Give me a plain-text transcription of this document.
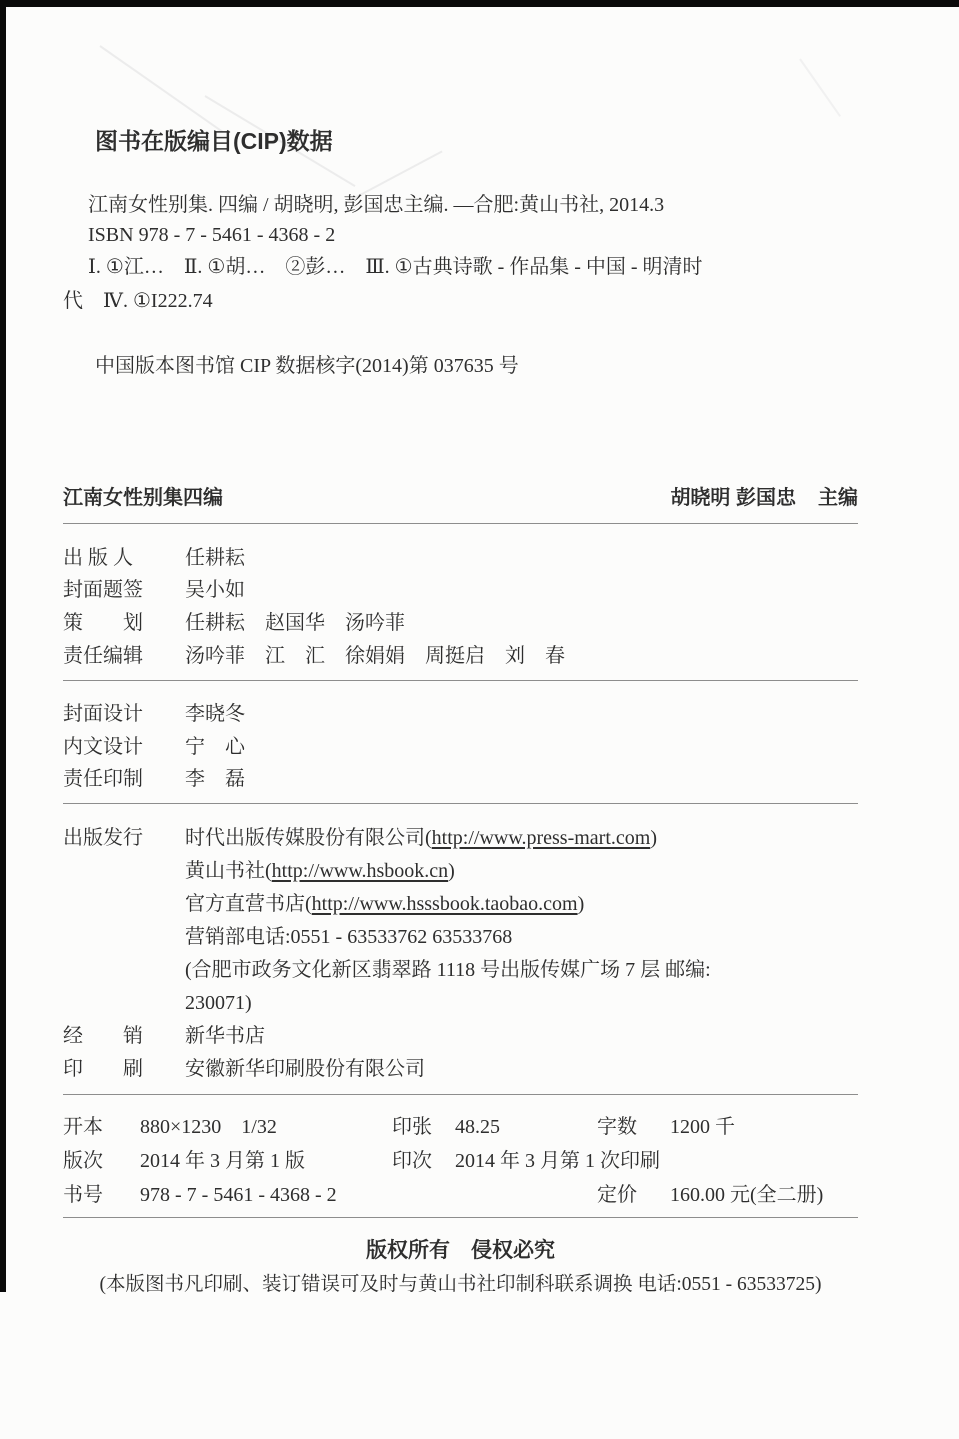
图书在版编目(CIP)数据
江南女性别集. 四编 / 胡晓明, 彭国忠主编. —合肥:黄山书社, 2014.3
ISBN 978 - 7 - 5461 - 4368 - 2
Ⅰ. ①江…　Ⅱ. ①胡…　②彭…　Ⅲ. ①古典诗歌 - 作品集 - 中国 - 明清时
代　Ⅳ. ①I222.74
中国版本图书馆 CIP 数据核字(2014)第 037635 号
江南女性别集四编	胡晓明 彭国忠 主编
出 版 人	任耕耘
封面题签 吴小如
策　　划 任耕耘　赵国华　汤吟菲
责任编辑 汤吟菲　江　汇　徐娟娟　周挺启　刘　春
封面设计 李晓冬
内文设计 宁　心
责任印制 李　磊
出版发行 时代出版传媒股份有限公司(http://www.press-mart.com)
黄山书社(http://www.hsbook.cn)
官方直营书店(http://www.hsssbook.taobao.com)
营销部电话:0551 - 63533762 63533768
(合肥市政务文化新区翡翠路 1118 号出版传媒广场 7 层 邮编:
230071)
经　　销 新华书店
印　　刷 安徽新华印刷股份有限公司
开本 880×1230　1/32	印张 48.25	字数 1200 千
版次 2014 年 3 月第 1 版	印次 2014 年 3 月第 1 次印刷
书号 978 - 7 - 5461 - 4368 - 2	定价 160.00 元(全二册)
版权所有　侵权必究
(本版图书凡印刷、装订错误可及时与黄山书社印制科联系调换 电话:0551 - 63533725)
